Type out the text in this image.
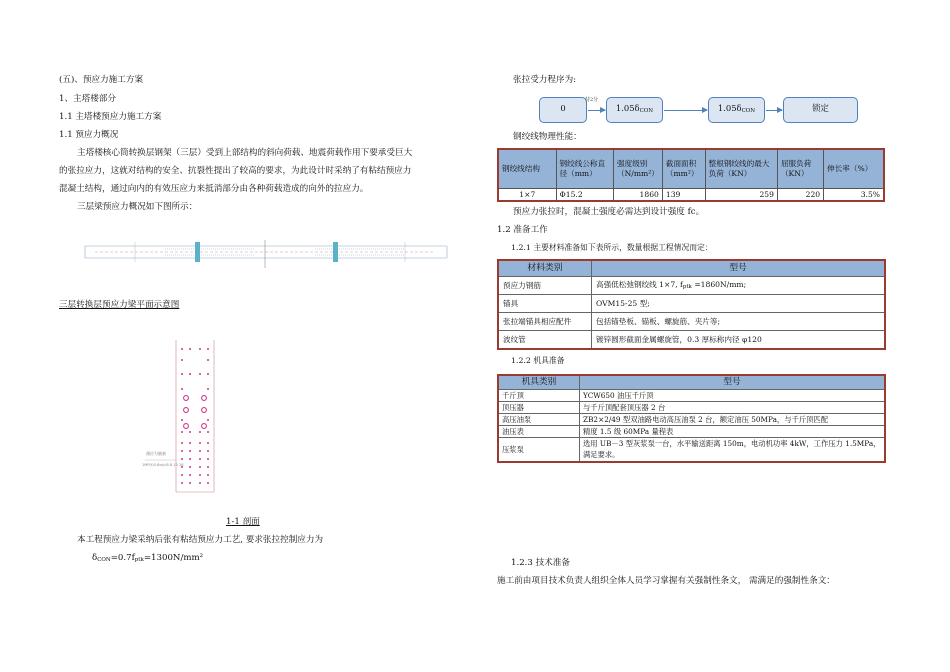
(五)、预应力施工方案
1、主塔楼部分
1.1 主塔楼预应力施工方案
1.1 预应力概况
主塔楼核心筒转换层钢架（三层）受到上部结构的斜向荷载、地震荷载作用下要承受巨大
的张拉应力，这就对结构的安全、抗裂性提出了较高的要求，为此设计时采纳了有粘结预应力
混凝土结构，通过向内的有效压应力来抵消部分由各种荷载造成的向外的拉应力。
三层梁预应力概况如下图所示：
三层转换层预应力梁平面示意图
预应力筋束
1MP(f)0.8σ(c)8.8 13 28
1-1 剖面
本工程预应力梁采纳后张有粘结预应力工艺, 要求张拉控制应力为
$\delta_{CON}=0.7f_{ptk}=1300N$/mm²
张拉受力程序为:
0
持2分
$1.05\delta_{CON}$	$1.05\delta_{CON}$	锁定
钢绞线物理性能：
钢绞线结构	钢绞线公称直径（mm）	强度级别（N/mm²）	截面面积（mm²）	整根钢绞线的最大负荷（KN）	屈服负荷（KN）	伸长率（%）
1×7	Φ15.2	1860	139	259	220	3.5%
预应力张拉时，混凝土强度必需达到设计强度 fc。
1.2 准备工作
1.2.1 主要材料准备如下表所示，数量根据工程情况而定：
材料类别	型号
预应力钢筋	高强低松弛钢绞线 1×7, $f_{ptk} =1860N/mm$;
锚具	OVM15-25 型;
张拉端锚具相应配件	包括锚垫板、锚板、螺旋筋、夹片等;
波纹管	镀锌圆形截面金属螺旋管，0.3 厚标称内径 φ120
1.2.2 机具准备
机具类别	型号
千斤顶	YCW650 油压千斤顶
顶压器	与千斤顶配套顶压器 2 台
高压油泵	ZB2×2/49 型双油路电动高压油泵 2 台，额定油压 50MPa，与千斤顶匹配
油压表	精度 1.5 级 60MPa 量程表
压浆泵	选用 UB－3 型灰浆泵一台，水平输送距离 150m，电动机功率 4kW，工作压力 1.5MPa，满足要求。
1.2.3 技术准备
施工前由项目技术负责人组织全体人员学习掌握有关强制性条文， 需满足的强制性条文：
